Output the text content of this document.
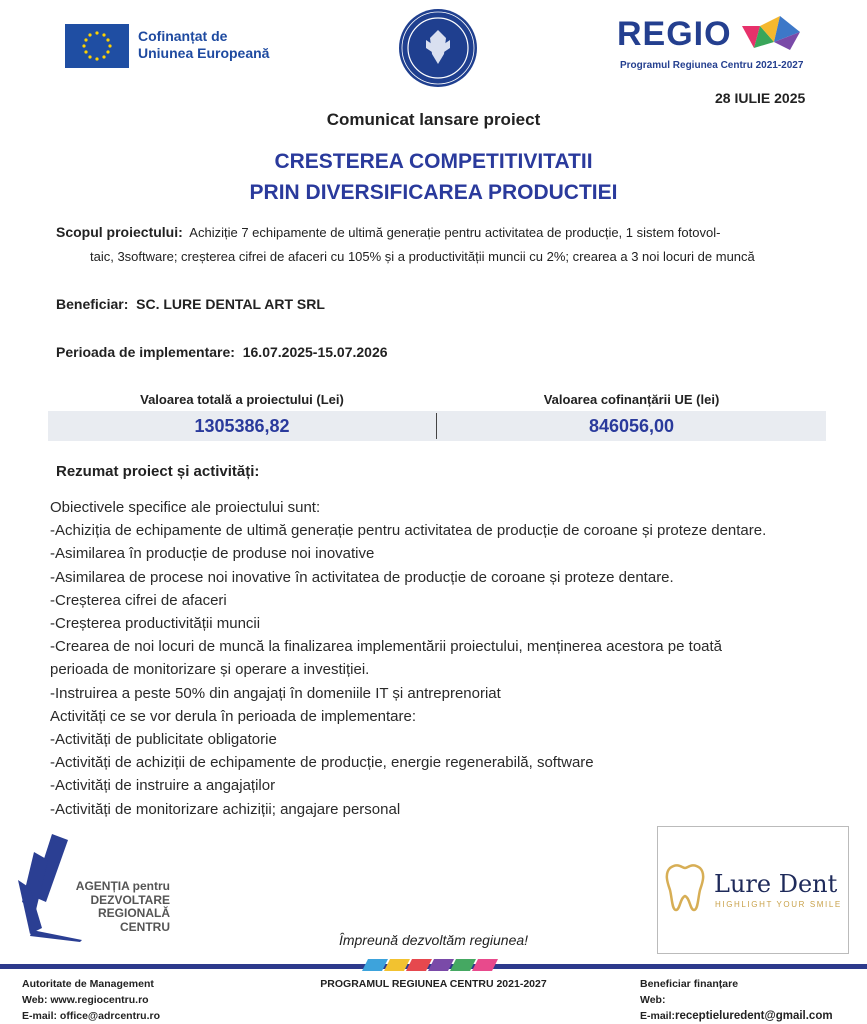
Cofinanțat de
Uniunea Europeană	REGIO
Programul Regiunea Centru 2021-2027
28 IULIE 2025
Comunicat lansare proiect
CRESTEREA COMPETITIVITATII
PRIN DIVERSIFICAREA PRODUCTIEI
Scopul proiectului: Achiziție 7 echipamente de ultimă generație pentru activitatea de producție, 1 sistem fotovol-
taic, 3software; creșterea cifrei de afaceri cu 105% și a productivității muncii cu 2%; crearea a 3 noi locuri de muncă
Beneficiar: SC. LURE DENTAL ART SRL
Perioada de implementare: 16.07.2025-15.07.2026
Valoarea totală a proiectului (Lei)	Valoarea cofinanțării UE (lei)
1305386,82	846056,00
Rezumat proiect și activități:
Obiectivele specifice ale proiectului sunt:
-Achiziția de echipamente de ultimă generație pentru activitatea de producție de coroane și proteze dentare.
-Asimilarea în producție de produse noi inovative
-Asimilarea de procese noi inovative în activitatea de producție de coroane și proteze dentare.
-Creșterea cifrei de afaceri
-Creșterea productivității muncii
-Crearea de noi locuri de muncă la finalizarea implementării proiectului, menținerea acestora pe toată
perioada de monitorizare și operare a investiției.
-Instruirea a peste 50% din angajați în domeniile IT și antreprenoriat
Activități ce se vor derula în perioada de implementare:
-Activități de publicitate obligatorie
-Activități de achiziții de echipamente de producție, energie regenerabilă, software
-Activități de instruire a angajaților
-Activități de monitorizare achiziții; angajare personal
AGENȚIA pentru
DEZVOLTARE
REGIONALĂ
CENTRU
Împreună dezvoltăm regiunea!
Lure Dent
HIGHLIGHT YOUR SMILE
Autoritate de Management
Web: www.regiocentru.ro
E-mail: office@adrcentru.ro
PROGRAMUL REGIUNEA CENTRU 2021-2027	Beneficiar finanțare
Web:
E-mail:receptieluredent@gmail.com
